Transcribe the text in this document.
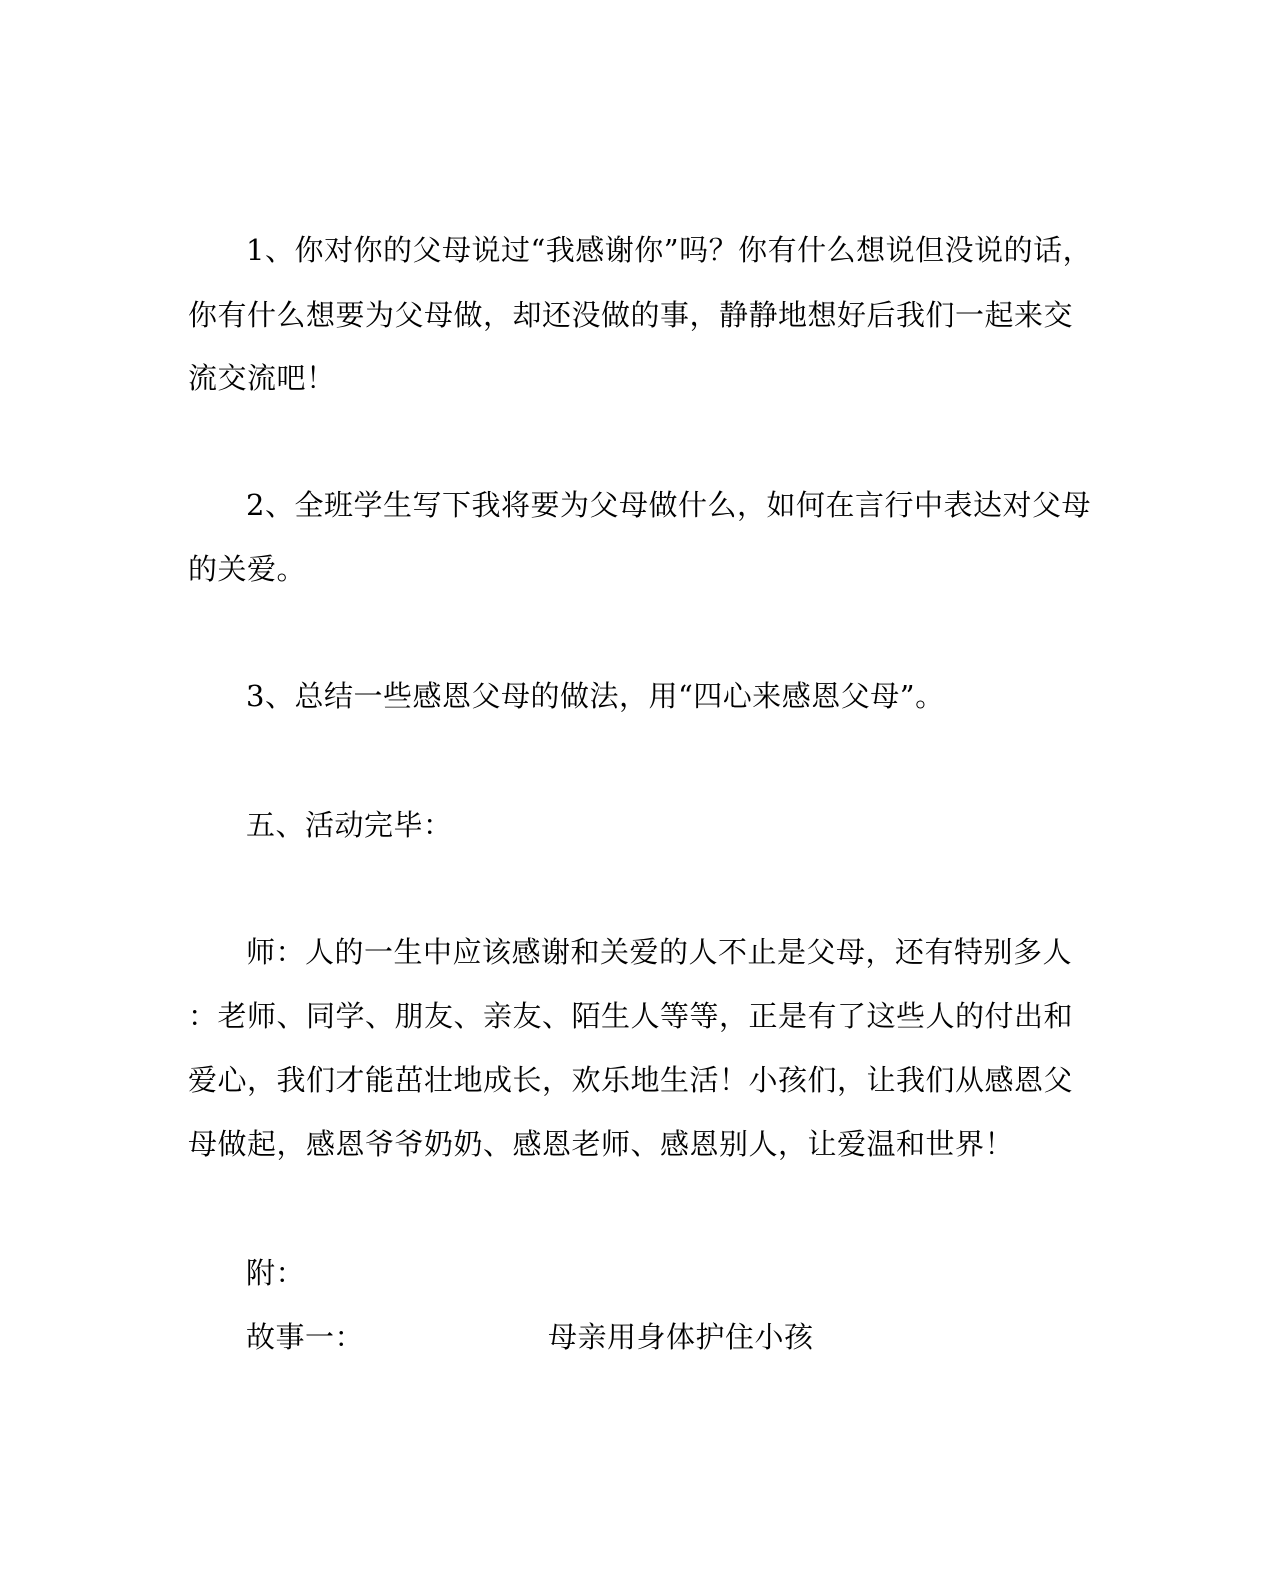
1、你对你的父母说过“我感谢你”吗？你有什么想说但没说的话，
你有什么想要为父母做，却还没做的事，静静地想好后我们一起来交
流交流吧！
2、全班学生写下我将要为父母做什么，如何在言行中表达对父母
的关爱。
3、总结一些感恩父母的做法，用“四心来感恩父母”。
五、活动完毕：
师：人的一生中应该感谢和关爱的人不止是父母，还有特别多人
：老师、同学、朋友、亲友、陌生人等等，正是有了这些人的付出和
爱心，我们才能茁壮地成长，欢乐地生活！小孩们，让我们从感恩父
母做起，感恩爷爷奶奶、感恩老师、感恩别人，让爱温和世界！
附：
故事一：	母亲用身体护住小孩
